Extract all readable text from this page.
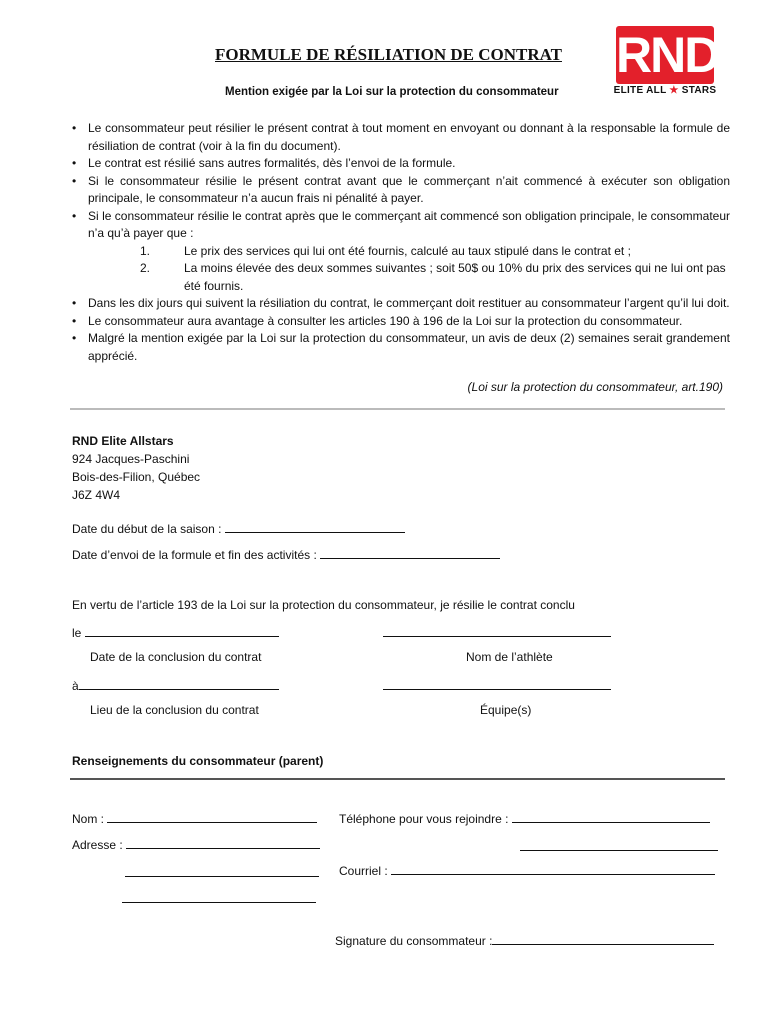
FORMULE DE RÉSILIATION DE CONTRAT
Mention exigée par la Loi sur la protection du consommateur
RND
ELITE ALL ★ STARS
• Le consommateur peut résilier le présent contrat à tout moment en envoyant ou donnant à la responsable la formule de résiliation de contrat (voir à la fin du document).
• Le contrat est résilié sans autres formalités, dès l’envoi de la formule.
• Si le consommateur résilie le présent contrat avant que le commerçant n’ait commencé à exécuter son obligation principale, le consommateur n’a aucun frais ni pénalité à payer.
• Si le consommateur résilie le contrat après que le commerçant ait commencé son obligation principale, le consommateur n’a qu’à payer que :
1.	Le prix des services qui lui ont été fournis, calculé au taux stipulé dans le contrat et ;
2.	La moins élevée des deux sommes suivantes ; soit 50$ ou 10% du prix des services qui ne lui ont pas été fournis.
• Dans les dix jours qui suivent la résiliation du contrat, le commerçant doit restituer au consommateur l’argent qu’il lui doit.
• Le consommateur aura avantage à consulter les articles 190 à 196 de la Loi sur la protection du consommateur.
• Malgré la mention exigée par la Loi sur la protection du consommateur, un avis de deux (2) semaines serait grandement apprécié.
(Loi sur la protection du consommateur, art.190)
RND Elite Allstars
924 Jacques-Paschini
Bois-des-Filion, Québec
J6Z 4W4
Date du début de la saison :
Date d’envoi de la formule et fin des activités :
En vertu de l’article 193 de la Loi sur la protection du consommateur, je résilie le contrat conclu
le
Date de la conclusion du contrat	Nom de l’athlète
à
Lieu de la conclusion du contrat	Équipe(s)
Renseignements du consommateur (parent)
Nom :	Téléphone pour vous rejoindre :
Adresse :
Courriel :
Signature du consommateur :
